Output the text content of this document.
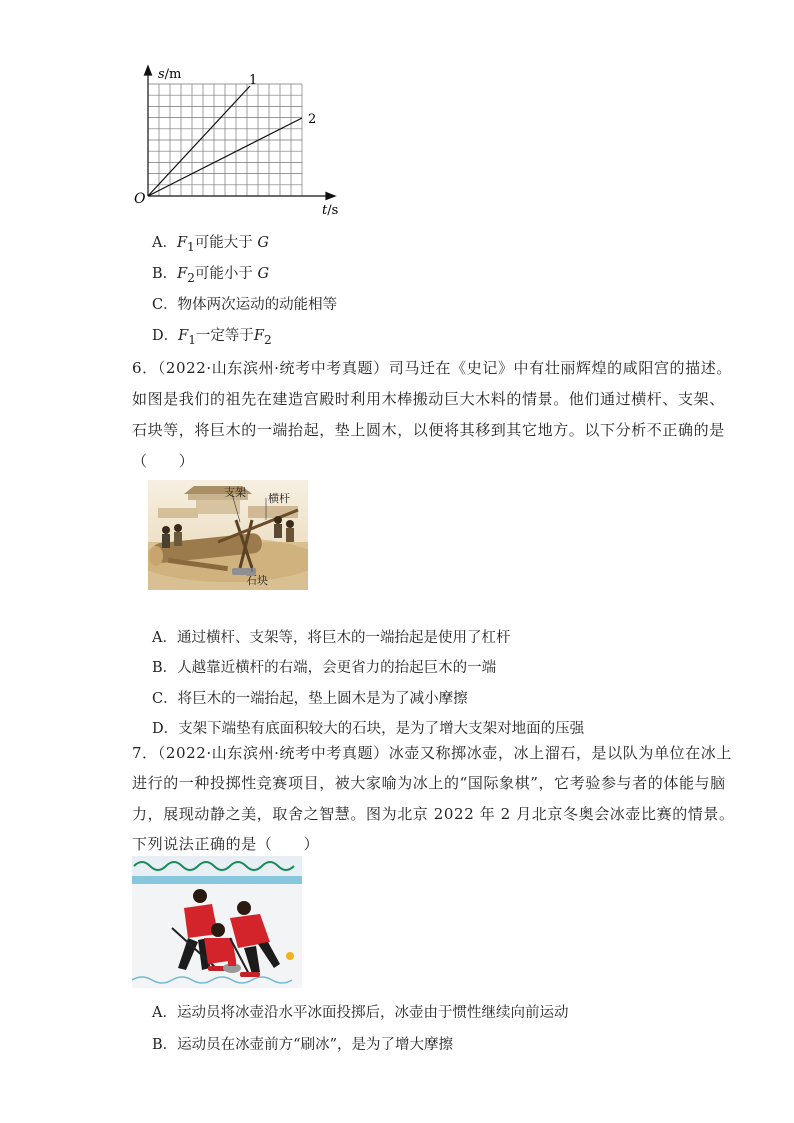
s/m
t/s
O
1
2
A．$F_1$可能大于 G
B．$F_2$可能小于 G
C．物体两次运动的动能相等
D．$F_1$一定等于$F_2$
6．（2022·山东滨州·统考中考真题）司马迁在《史记》中有壮丽辉煌的咸阳宫的描述。
如图是我们的祖先在建造宫殿时利用木棒搬动巨大木料的情景。他们通过横杆、支架、
石块等，将巨木的一端抬起，垫上圆木，以便将其移到其它地方。以下分析不正确的是
（　　）
支架 横杆
石块
A．通过横杆、支架等，将巨木的一端抬起是使用了杠杆
B．人越靠近横杆的右端，会更省力的抬起巨木的一端
C．将巨木的一端抬起，垫上圆木是为了减小摩擦
D．支架下端垫有底面积较大的石块，是为了增大支架对地面的压强
7．（2022·山东滨州·统考中考真题）冰壶又称掷冰壶，冰上溜石，是以队为单位在冰上
进行的一种投掷性竞赛项目，被大家喻为冰上的“国际象棋”，它考验参与者的体能与脑
力，展现动静之美，取舍之智慧。图为北京 2022 年 2 月北京冬奥会冰壶比赛的情景。
下列说法正确的是（　　）
A．运动员将冰壶沿水平冰面投掷后，冰壶由于惯性继续向前运动
B．运动员在冰壶前方“刷冰”，是为了增大摩擦
